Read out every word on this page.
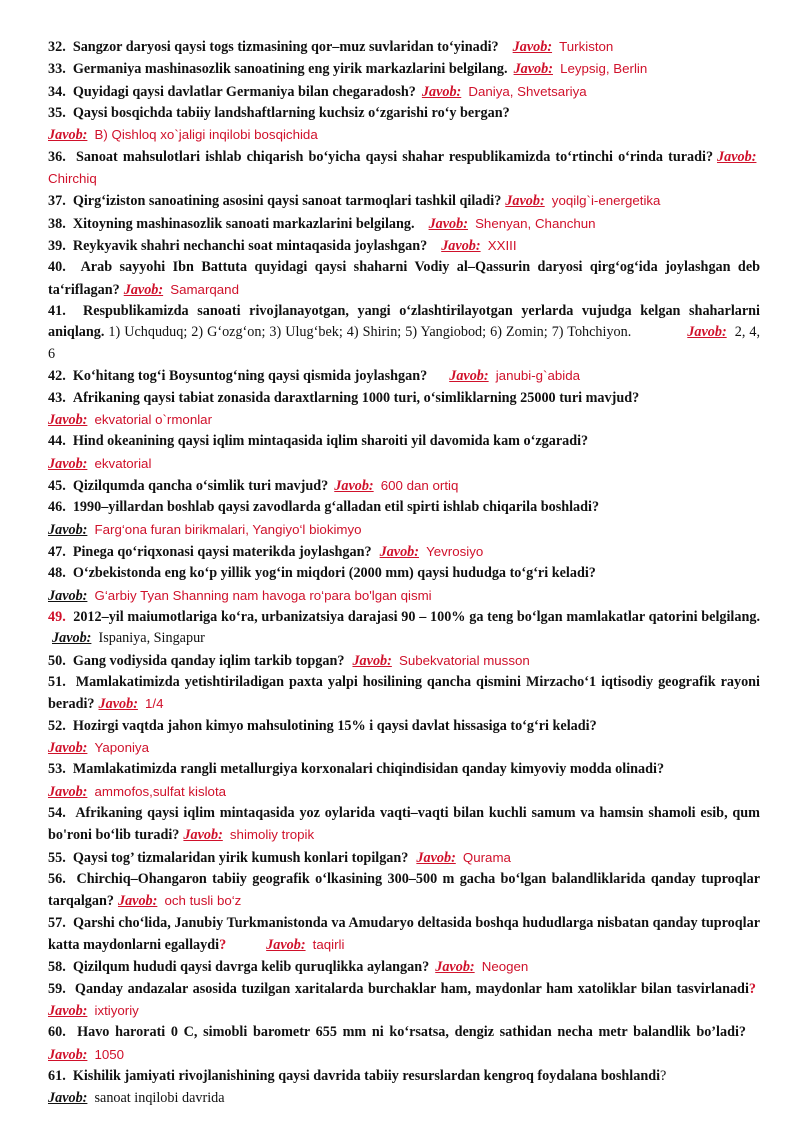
32. Sangzor daryosi qaysi togs tizmasining qor–muz suvlaridan to‘yinadi? Javob: Turkiston

33. Germaniya mashinasozlik sanoatining eng yirik markazlarini belgilang. Javob: Leypsig, Berlin

34. Quyidagi qaysi davlatlar Germaniya bilan chegaradosh? Javob: Daniya, Shvetsariya

35. Qaysi bosqichda tabiiy landshaftlarning kuchsiz o‘zgarishi ro‘y bergan?
Javob: B) Qishloq xo`jaligi inqilobi bosqichida

36. Sanoat mahsulotlari ishlab chiqarish bo‘yicha qaysi shahar respublikamizda to‘rtinchi o‘rinda turadi? Javob:  Chirchiq

37. Qirg‘iziston sanoatining asosini qaysi sanoat tarmoqlari tashkil qiladi? Javob: yoqilg`i-energetika

38. Xitoyning mashinasozlik sanoati markazlarini belgilang. Javob: Shenyan, Chanchun

39. Reykyavik shahri nechanchi soat mintaqasida joylashgan? Javob: XXIII

40. Arab sayyohi Ibn Battuta quyidagi qaysi shaharni Vodiy al–Qassurin daryosi qirg‘og‘ida joylashgan deb ta‘riflagan? Javob: Samarqand

41. Respublikamizda sanoati rivojlanayotgan, yangi o‘zlashtirilayotgan yerlarda vujudga kelgan shaharlarni aniqlang. 1) Uchquduq; 2) G‘ozg‘on; 3) Ulug‘bek; 4) Shirin; 5) Yangiobod; 6) Zomin; 7) Tohchiyon.	Javob: 2, 4, 6

42. Ko‘hitang tog‘i Boysuntog‘ning qaysi qismida joylashgan? Javob: janubi-g`abida

43. Afrikaning qaysi tabiat zonasida daraxtlarning 1000 turi, o‘simliklarning 25000 turi mavjud?
Javob: ekvatorial o`rmonlar

44. Hind okeanining qaysi iqlim mintaqasida iqlim sharoiti yil davomida kam o‘zgaradi?
Javob: ekvatorial

45. Qizilqumda qancha o‘simlik turi mavjud? Javob: 600 dan ortiq

46. 1990–yillardan boshlab qaysi zavodlarda g‘alladan etil spirti ishlab chiqarila boshladi?
Javob: Farg‘ona furan birikmalari, Yangiyo‘l biokimyo

47. Pinega qo‘riqxonasi qaysi materikda joylashgan? Javob: Yevrosiyo

48. O‘zbekistonda eng ko‘p yillik yog‘in miqdori (2000 mm) qaysi hududga to‘g‘ri keladi?
Javob: G‘arbiy Tyan Shanning nam havoga ro‘para bo'lgan qismi

49. 2012–yil maiumotlariga ko‘ra, urbanizatsiya darajasi 90 – 100% ga teng bo‘lgan mamlakatlar qatorini belgilang.Javob: Ispaniya, Singapur

50. Gang vodiysida qanday iqlim tarkib topgan? Javob: Subekvatorial musson

51. Mamlakatimizda yetishtiriladigan paxta yalpi hosilining qancha qismini Mirzacho‘1 iqtisodiy geografik rayoni beradi? Javob: 1/4

52. Hozirgi vaqtda jahon kimyo mahsulotining 15% i qaysi davlat hissasiga to‘g‘ri keladi?
Javob: Yaponiya

53. Mamlakatimizda rangli metallurgiya korxonalari chiqindisidan qanday kimyoviy modda olinadi?
Javob: ammofos,sulfat kislota

54. Afrikaning qaysi iqlim mintaqasida yoz oylarida vaqti–vaqti bilan kuchli samum va hamsin shamoli esib, qum bo'roni bo‘lib turadi? Javob: shimoliy tropik

55. Qaysi tog’ tizmalaridan yirik kumush konlari topilgan? Javob: Qurama

56. Chirchiq–Ohangaron tabiiy geografik o‘lkasining 300–500 m gacha bo‘lgan balandliklarida qanday tuproqlar tarqalgan? Javob: och tusli bo‘z

57. Qarshi cho‘lida, Janubiy Turkmanistonda va Amudaryo deltasida boshqa hududlarga nisbatan qanday tuproqlar katta maydonlarni egallaydi?	Javob: taqirli

58. Qizilqum hududi qaysi davrga kelib quruqlikka aylangan? Javob: Neogen

59. Qanday andazalar asosida tuzilgan xaritalarda burchaklar ham, maydonlar ham xatoliklar bilan tasvirlanadi?Javob: ixtiyoriy

60. Havo harorati 0 C, simobli barometr 655 mm ni ko‘rsatsa, dengiz sathidan necha metr balandlik bo’ladi?Javob: 1050

61. Kishilik jamiyati rivojlanishining qaysi davrida tabiiy resurslardan kengroq foydalana boshlandi?
Javob: sanoat inqilobi davrida
